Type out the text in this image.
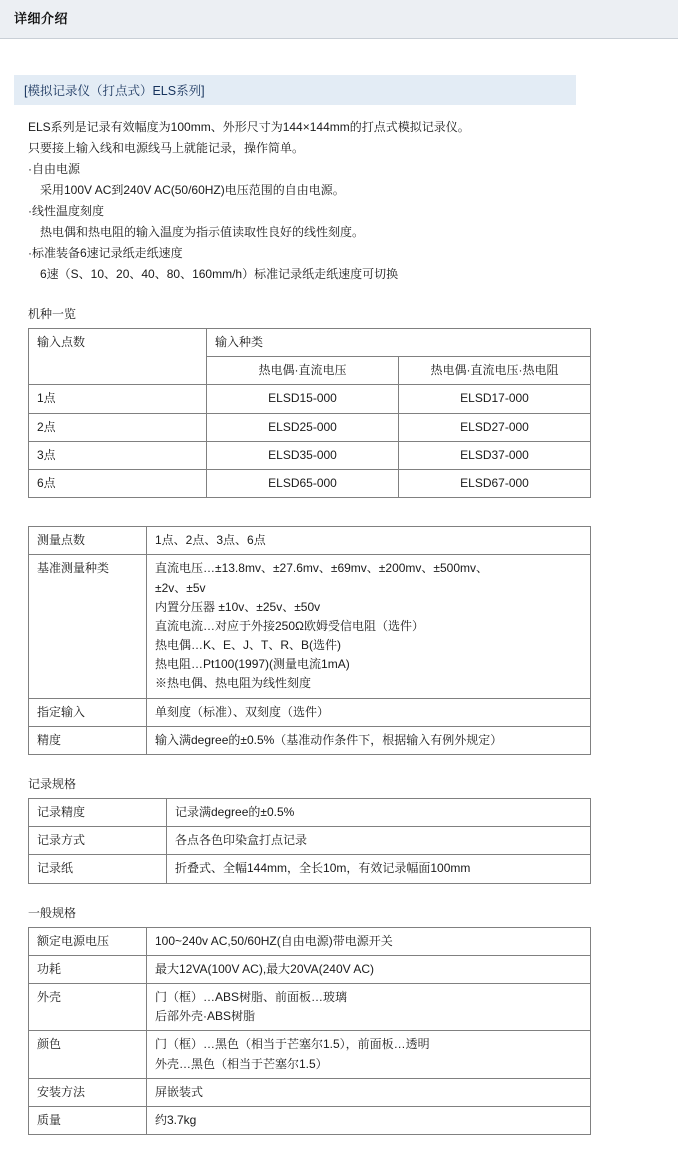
详细介绍
[模拟记录仪（打点式）ELS系列]

ELS系列是记录有效幅度为100mm、外形尺寸为144×144mm的打点式模拟记录仪。

只要接上输入线和电源线马上就能记录，操作简单。

·自由电源

采用100V AC到240V AC(50/60HZ)电压范围的自由电源。

·线性温度刻度

热电偶和热电阻的输入温度为指示值读取性良好的线性刻度。

·标准装备6速记录纸走纸速度

6速（S、10、20、40、80、160mm/h）标准记录纸走纸速度可切换

机种一览
输入点数	输入种类	
	热电偶·直流电压	热电偶·直流电压·热电阻
1点	ELSD15-000	ELSD17-000
2点	ELSD25-000	ELSD27-000
3点	ELSD35-000	ELSD37-000
6点	ELSD65-000	ELSD67-000
测量点数	1点、2点、3点、6点

基准测量种类	直流电压…±13.8mv、±27.6mv、±69mv、±200mv、±500mv、
±2v、±5v
内置分压器 ±10v、±25v、±50v
直流电流…对应于外接250Ω欧姆受信电阻（选件）
热电偶…K、E、J、T、R、B(选件)
热电阻…Pt100(1997)(测量电流1mA)
※热电偶、热电阻为线性刻度

指定输入	单刻度（标准）、双刻度（选件）

精度	输入满degree的±0.5%（基准动作条件下，根据输入有例外规定）
记录规格
记录精度	记录满degree的±0.5%

记录方式	各点各色印染盒打点记录

记录纸	折叠式、全幅144mm，全长10m，有效记录幅面100mm
一般规格
额定电源电压	100~240v AC,50/60HZ(自由电源)带电源开关

功耗	最大12VA(100V AC),最大20VA(240V AC)

外壳	门（框）…ABS树脂、前面板…玻璃
后部外壳·ABS树脂

颜色	门（框）…黑色（相当于芒塞尔1.5），前面板…透明
外壳…黑色（相当于芒塞尔1.5）

安装方法	屏嵌装式

质量	约3.7kg
